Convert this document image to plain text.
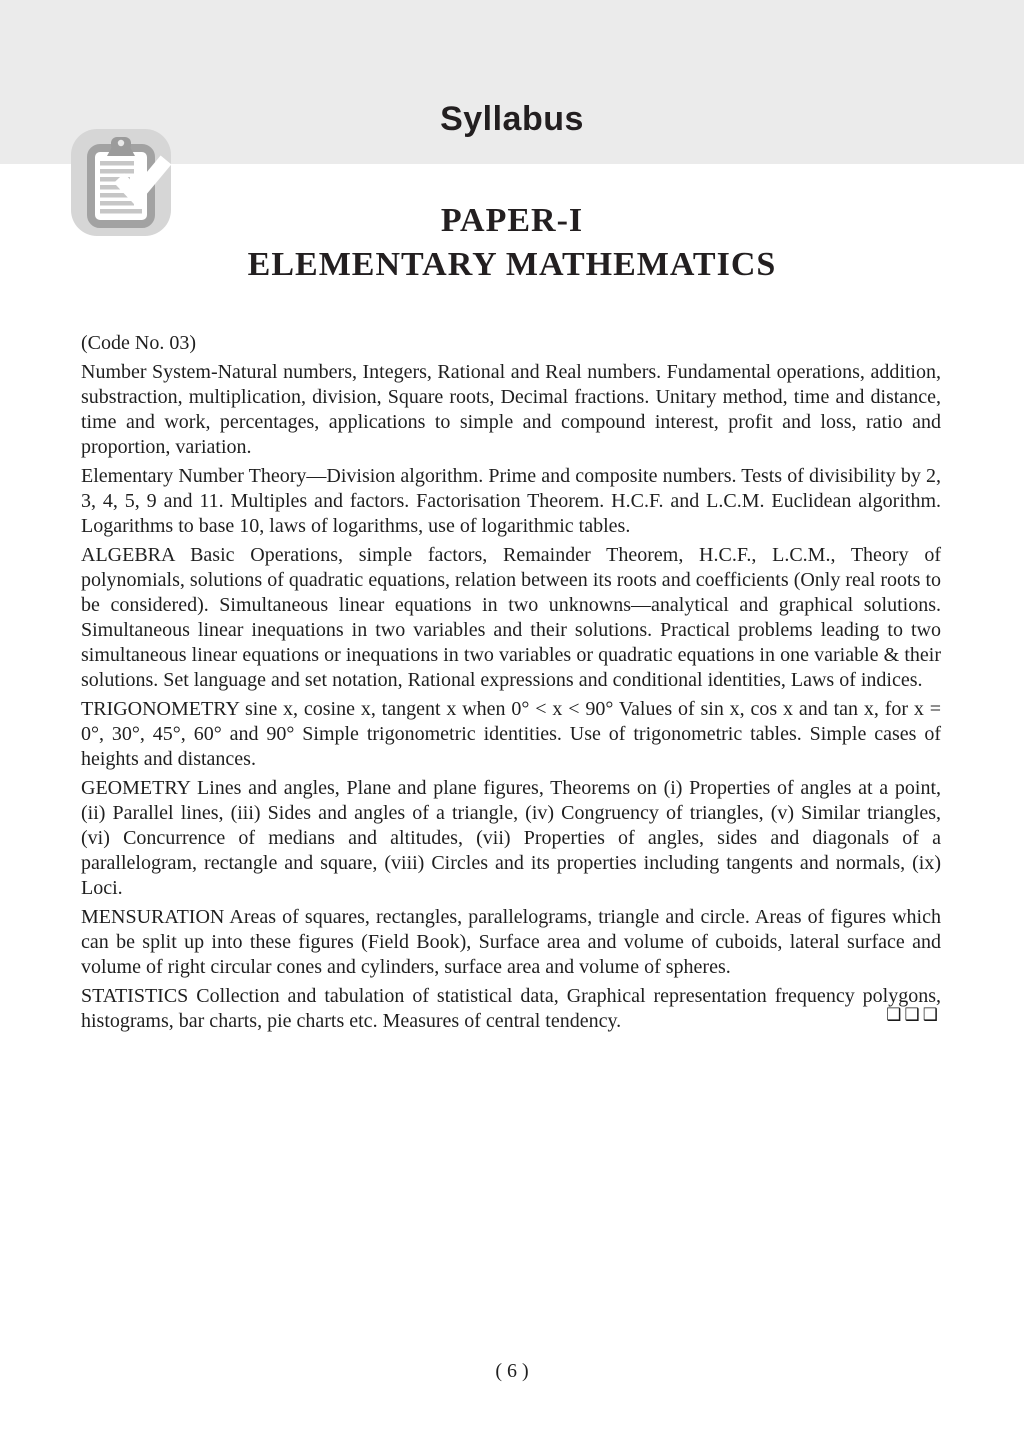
Syllabus
PAPER-I
ELEMENTARY MATHEMATICS

(Code No. 03)

Number System-Natural numbers, Integers, Rational and Real numbers. Fundamental operations, addition, substraction, multiplication, division, Square roots, Decimal fractions. Unitary method, time and distance, time and work, percentages, applications to simple and compound interest, profit and loss, ratio and proportion, variation.

Elementary Number Theory—Division algorithm. Prime and composite numbers. Tests of divisibility by 2, 3, 4, 5, 9 and 11. Multiples and factors. Factorisation Theorem. H.C.F. and L.C.M. Euclidean algorithm. Logarithms to base 10, laws of logarithms, use of logarithmic tables.

ALGEBRA Basic Operations, simple factors, Remainder Theorem, H.C.F., L.C.M., Theory of polynomials, solutions of quadratic equations, relation between its roots and coefficients (Only real roots to be considered). Simultaneous linear equations in two unknowns—analytical and graphical solutions. Simultaneous linear inequations in two variables and their solutions. Practical problems leading to two simultaneous linear equations or inequations in two variables or quadratic equations in one variable & their solutions. Set language and set notation, Rational expressions and conditional identities, Laws of indices.

TRIGONOMETRY sine x, cosine x, tangent x when 0° < x < 90° Values of sin x, cos x and tan x, for x = 0°, 30°, 45°, 60° and 90° Simple trigonometric identities. Use of trigonometric tables. Simple cases of heights and distances.

GEOMETRY Lines and angles, Plane and plane figures, Theorems on (i) Properties of angles at a point, (ii) Parallel lines, (iii) Sides and angles of a triangle, (iv) Congruency of triangles, (v) Similar triangles, (vi) Concurrence of medians and altitudes, (vii) Properties of angles, sides and diagonals of a parallelogram, rectangle and square, (viii) Circles and its properties including tangents and normals, (ix) Loci.

MENSURATION Areas of squares, rectangles, parallelograms, triangle and circle. Areas of figures which can be split up into these figures (Field Book), Surface area and volume of cuboids, lateral surface and volume of right circular cones and cylinders, surface area and volume of spheres.

STATISTICS Collection and tabulation of statistical data, Graphical representation frequency polygons, histograms, bar charts, pie charts etc. Measures of central tendency.	❑❑❑
( 6 )
